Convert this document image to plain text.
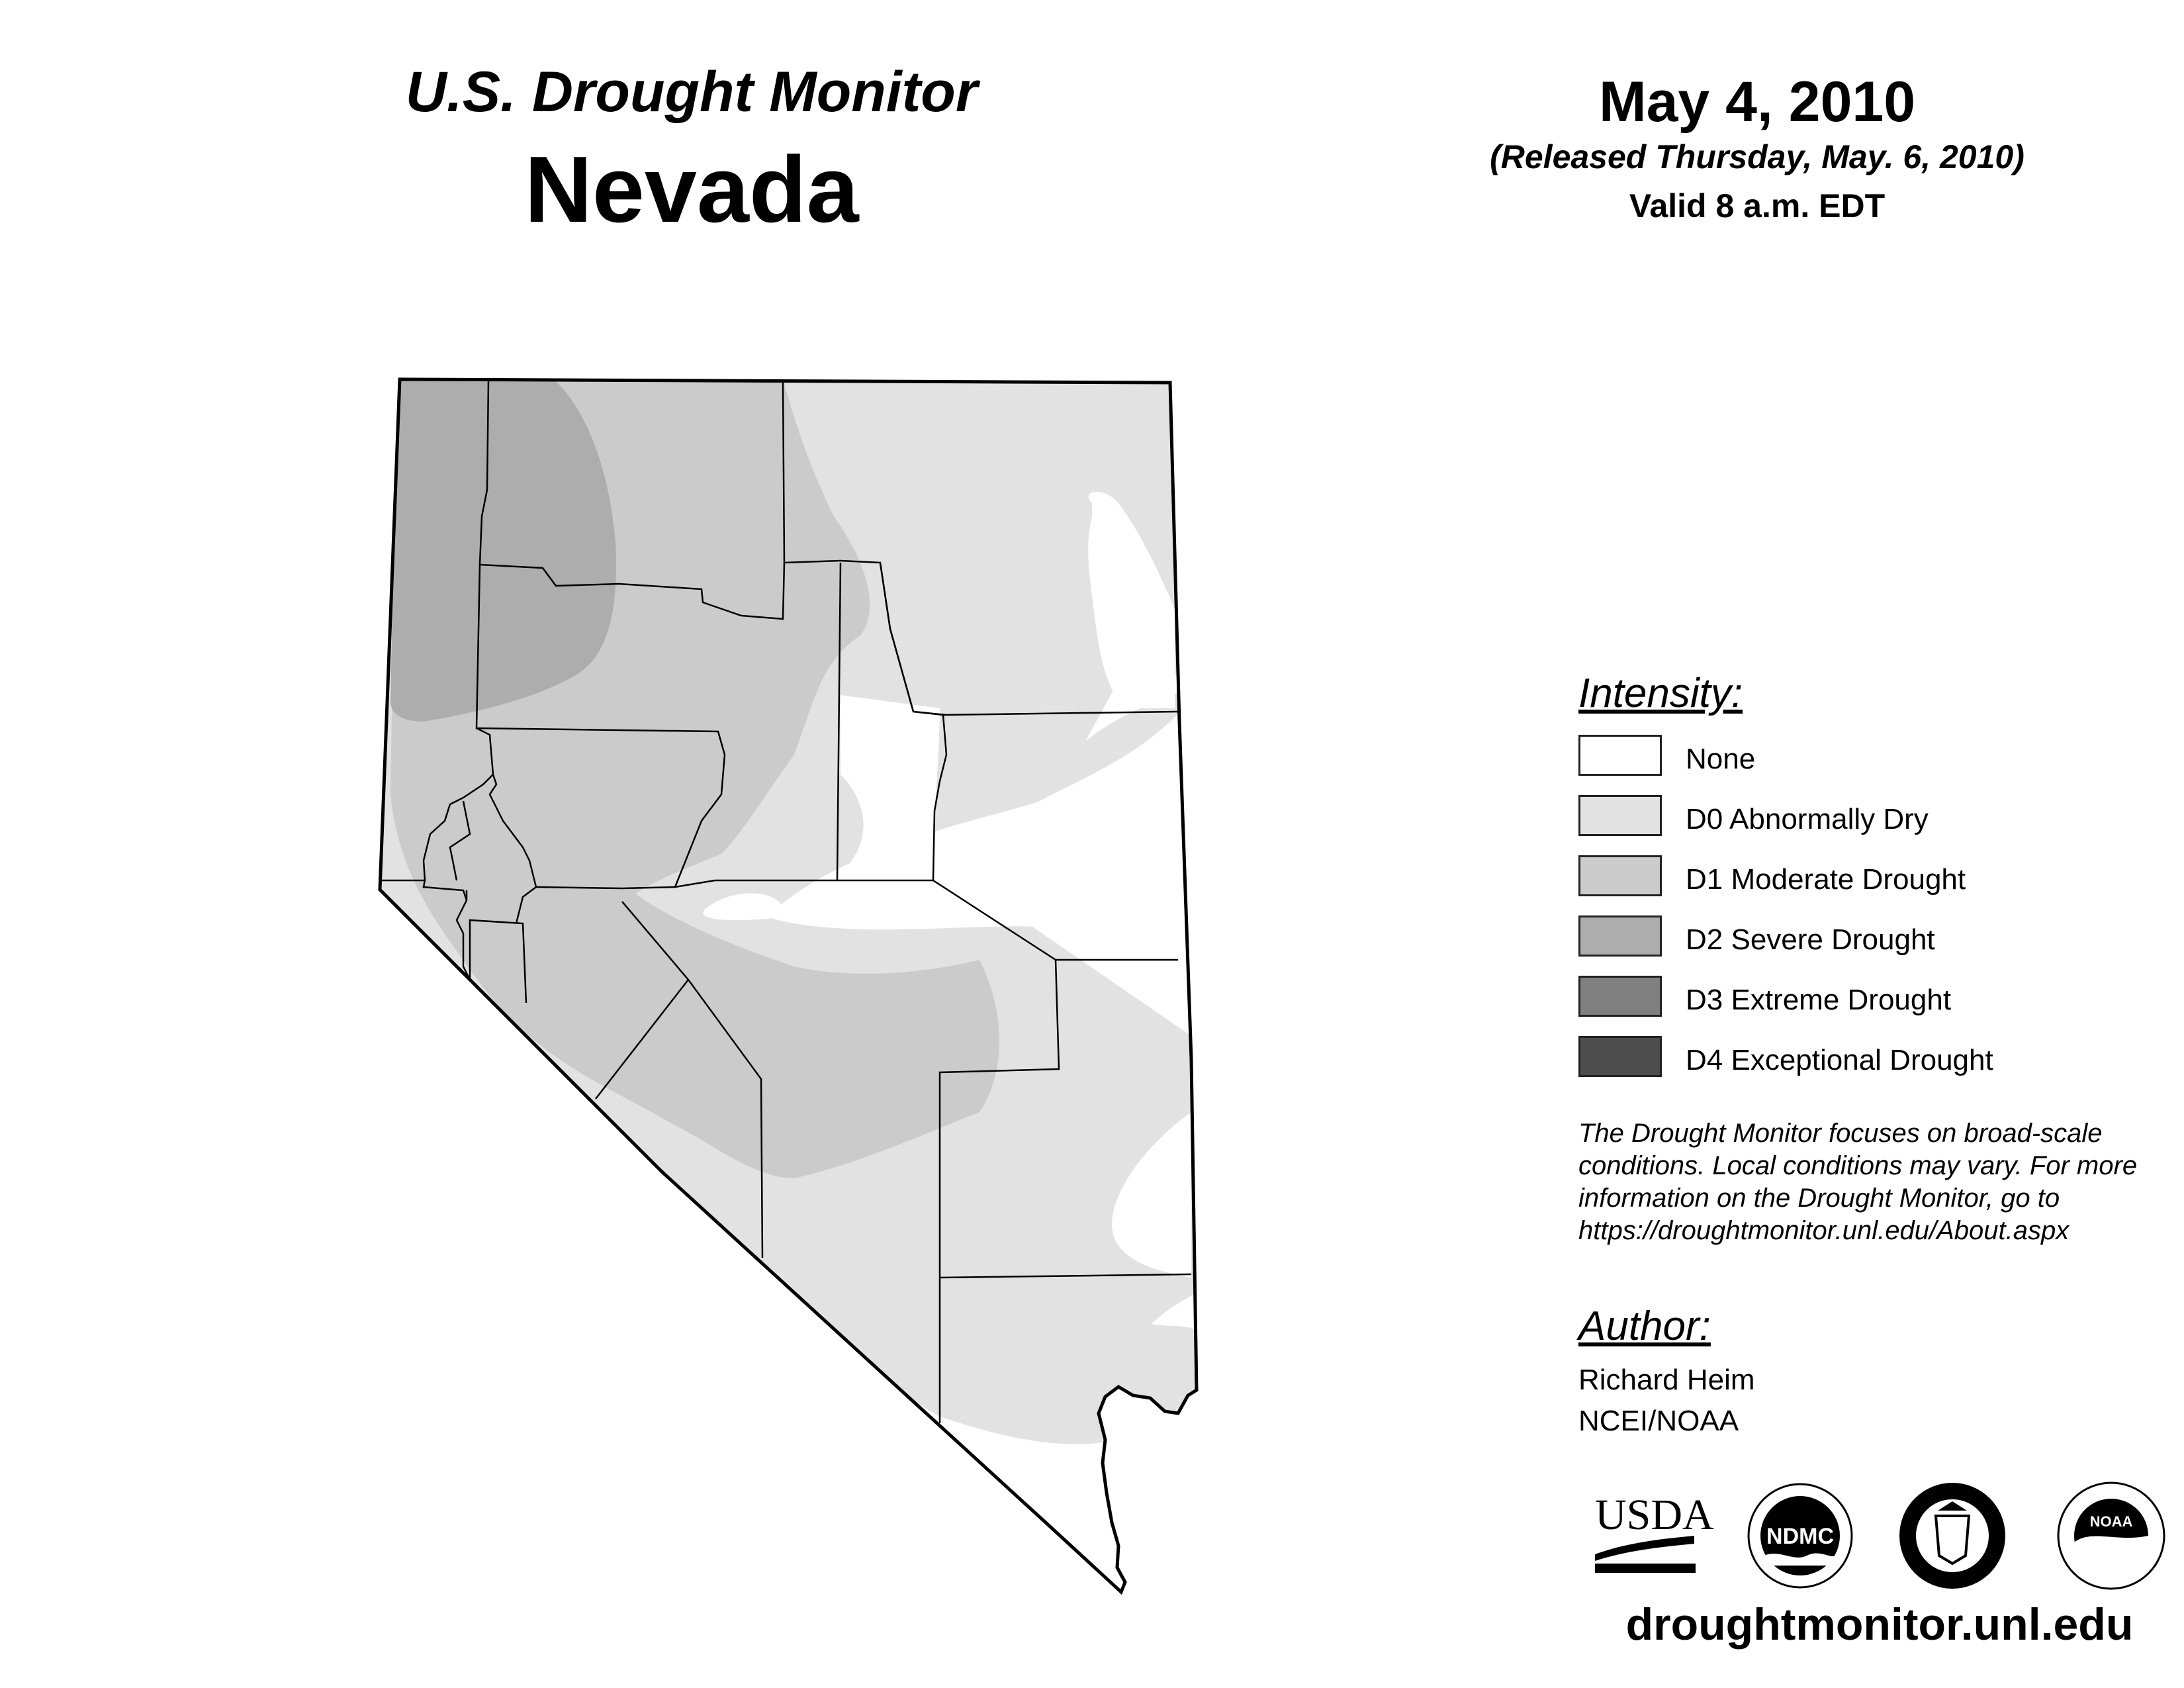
U.S. Drought Monitor
Nevada
May 4, 2010
(Released Thursday, May. 6, 2010)
Valid 8 a.m. EDT
Intensity:
None
D0 Abnormally Dry
D1 Moderate Drought
D2 Severe Drought
D3 Extreme Drought
D4 Exceptional Drought
The Drought Monitor focuses on broad-scale conditions. Local conditions may vary. For more information on the Drought Monitor, go to https://droughtmonitor.unl.edu/About.aspx
Author:
Richard Heim
NCEI/NOAA
USDA NDMC
NOAA
droughtmonitor.unl.edu
